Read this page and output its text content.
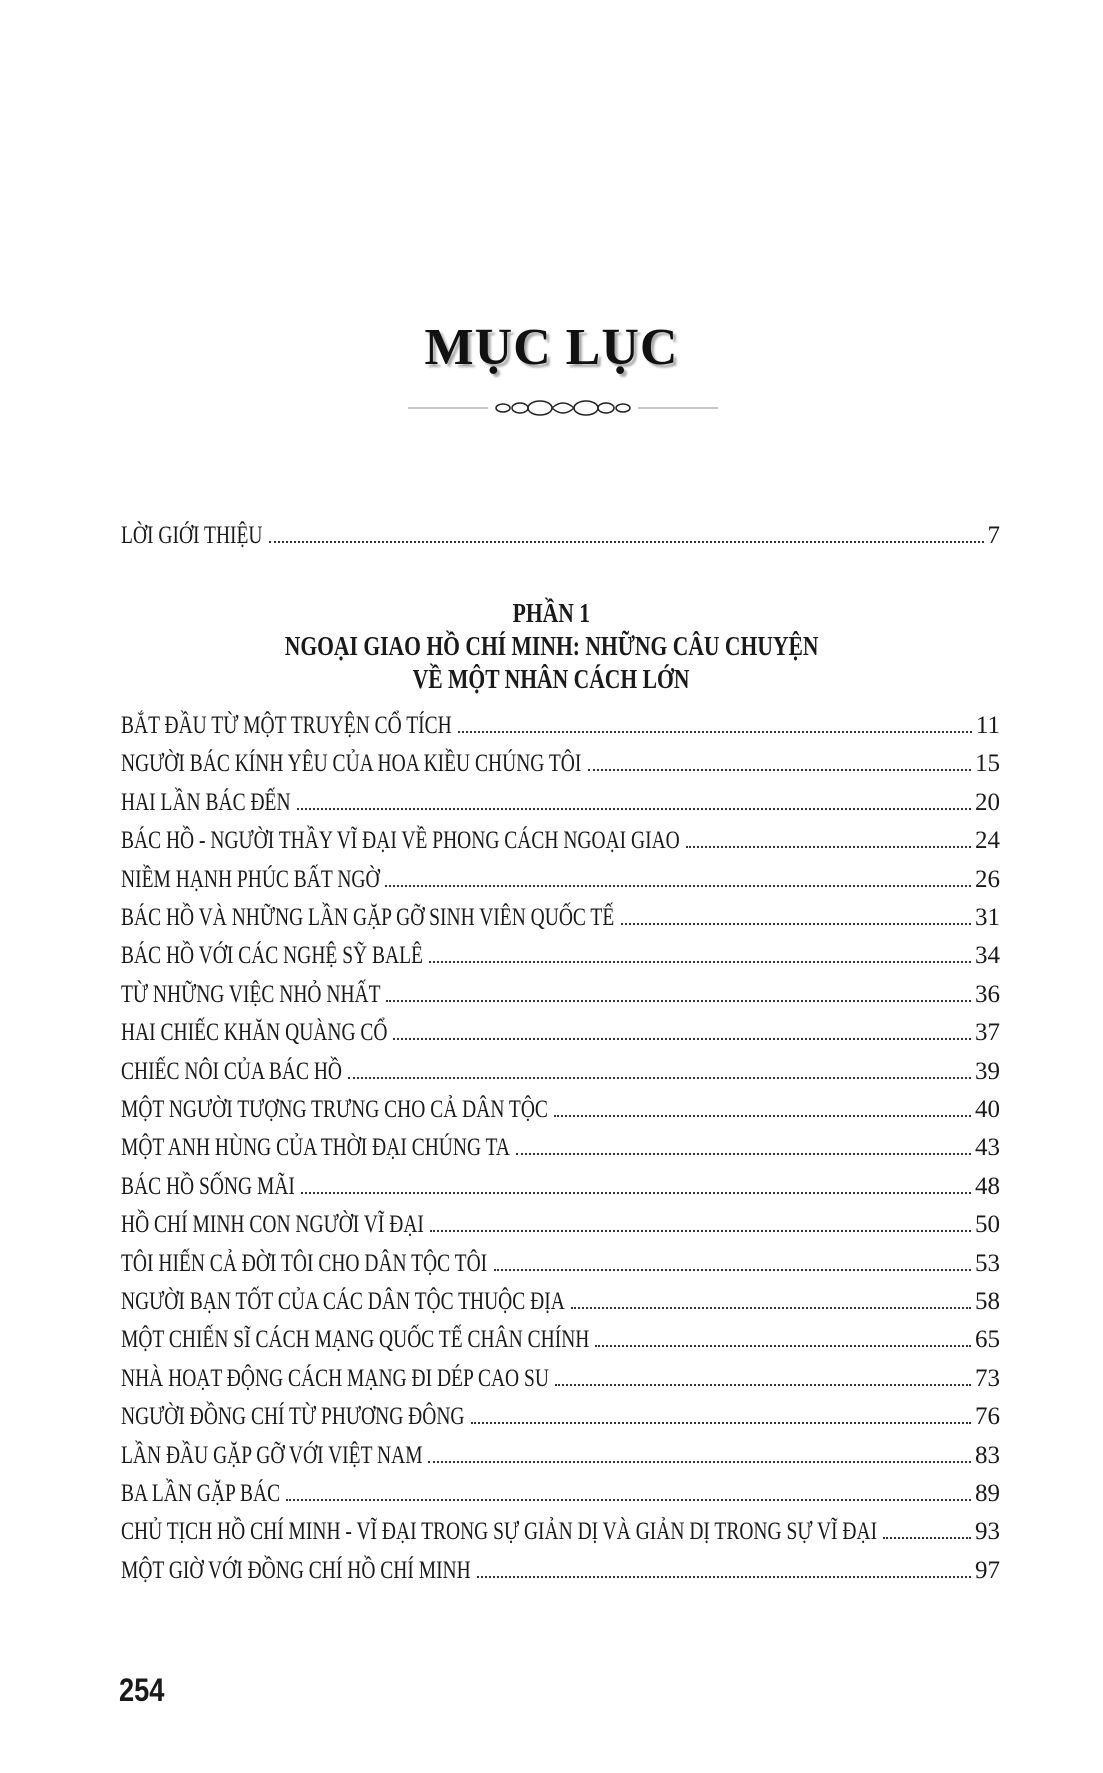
MỤC LỤC
LỜI GIỚI THIỆU	7
PHẦN 1
NGOẠI GIAO HỒ CHÍ MINH: NHỮNG CÂU CHUYỆN
VỀ MỘT NHÂN CÁCH LỚN
BẮT ĐẦU TỪ MỘT TRUYỆN CỔ TÍCH	11
NGƯỜI BÁC KÍNH YÊU CỦA HOA KIỀU CHÚNG TÔI	15
HAI LẦN BÁC ĐẾN	20
BÁC HỒ - NGƯỜI THẦY VĨ ĐẠI VỀ PHONG CÁCH NGOẠI GIAO	24
NIỀM HẠNH PHÚC BẤT NGỜ	26
BÁC HỒ VÀ NHỮNG LẦN GẶP GỠ SINH VIÊN QUỐC TẾ	31
BÁC HỒ VỚI CÁC NGHỆ SỸ BALÊ	34
TỪ NHỮNG VIỆC NHỎ NHẤT	36
HAI CHIẾC KHĂN QUÀNG CỔ	37
CHIẾC NÔI CỦA BÁC HỒ	39
MỘT NGƯỜI TƯỢNG TRƯNG CHO CẢ DÂN TỘC	40
MỘT ANH HÙNG CỦA THỜI ĐẠI CHÚNG TA	43
BÁC HỒ SỐNG MÃI	48
HỒ CHÍ MINH CON NGƯỜI VĨ ĐẠI	50
TÔI HIẾN CẢ ĐỜI TÔI CHO DÂN TỘC TÔI	53
NGƯỜI BẠN TỐT CỦA CÁC DÂN TỘC THUỘC ĐỊA	58
MỘT CHIẾN SĨ CÁCH MẠNG QUỐC TẾ CHÂN CHÍNH	65
NHÀ HOẠT ĐỘNG CÁCH MẠNG ĐI DÉP CAO SU	73
NGƯỜI ĐỒNG CHÍ TỪ PHƯƠNG ĐÔNG	76
LẦN ĐẦU GẶP GỠ VỚI VIỆT NAM	83
BA LẦN GẶP BÁC	89
CHỦ TỊCH HỒ CHÍ MINH - VĨ ĐẠI TRONG SỰ GIẢN DỊ VÀ GIẢN DỊ TRONG SỰ VĨ ĐẠI	93
MỘT GIỜ VỚI ĐỒNG CHÍ HỒ CHÍ MINH	97
254
